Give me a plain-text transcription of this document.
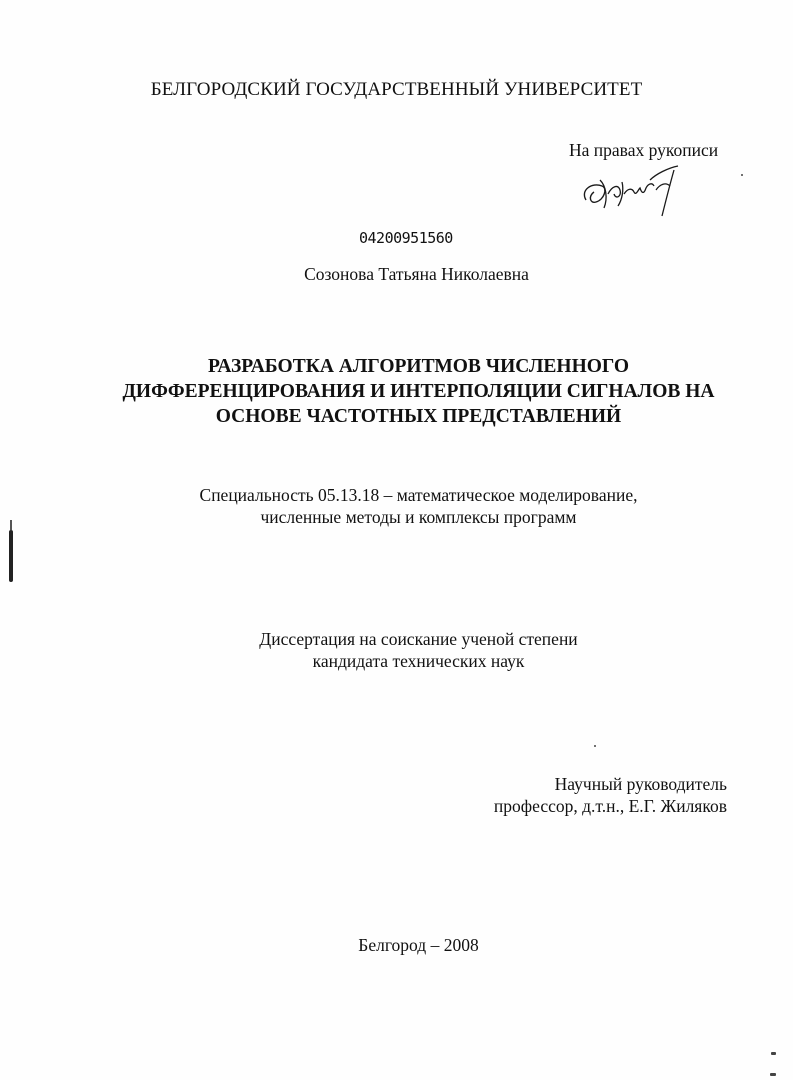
БЕЛГОРОДСКИЙ ГОСУДАРСТВЕННЫЙ УНИВЕРСИТЕТ
На правах рукописи
04200951560
Созонова Татьяна Николаевна
РАЗРАБОТКА АЛГОРИТМОВ ЧИСЛЕННОГО
ДИФФЕРЕНЦИРОВАНИЯ И ИНТЕРПОЛЯЦИИ СИГНАЛОВ НА
ОСНОВЕ ЧАСТОТНЫХ ПРЕДСТАВЛЕНИЙ
Специальность 05.13.18 – математическое моделирование,
численные методы и комплексы программ
Диссертация на соискание ученой степени
кандидата технических наук
Научный руководитель
профессор, д.т.н., Е.Г. Жиляков
Белгород – 2008
